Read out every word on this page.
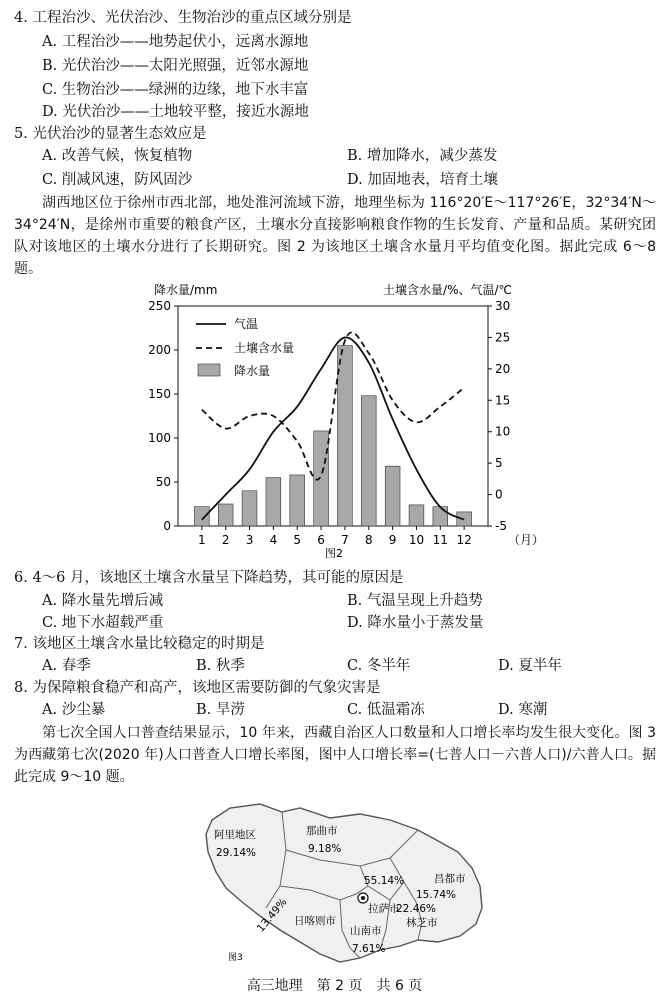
4. 工程治沙、光伏治沙、生物治沙的重点区域分别是
A. 工程治沙——地势起伏小，远离水源地
B. 光伏治沙——太阳光照强，近邻水源地
C. 生物治沙——绿洲的边缘，地下水丰富
D. 光伏治沙——土地较平整，接近水源地
5. 光伏治沙的显著生态效应是
A. 改善气候，恢复植物	B. 增加降水，减少蒸发
C. 削减风速，防风固沙	D. 加固地表，培育土壤
湖西地区位于徐州市西北部，地处淮河流域下游，地理坐标为 116°20′E～117°26′E，32°34′N～34°24′N，是徐州市重要的粮食产区，土壤水分直接影响粮食作物的生长发育、产量和品质。某研究团队对该地区的土壤水分进行了长期研究。图 2 为该地区土壤含水量月平均值变化图。据此完成 6～8 题。
降水量/mm	土壤含水量/%、气温/℃
1 2 3 4 5 6 7 8 9 10 11 12
0
50
100
150
200
250
-5
0
5
10
15
20
25
30
气温
土壤含水量
降水量
（月）
图2
6. 4～6 月，该地区土壤含水量呈下降趋势，其可能的原因是
A. 降水量先增后减	B. 气温呈现上升趋势
C. 地下水超载严重	D. 降水量小于蒸发量
7. 该地区土壤含水量比较稳定的时期是
A. 春季	B. 秋季	C. 冬半年	D. 夏半年
8. 为保障粮食稳产和高产，该地区需要防御的气象灾害是
A. 沙尘暴	B. 旱涝	C. 低温霜冻	D. 寒潮
第七次全国人口普查结果显示，10 年来，西藏自治区人口数量和人口增长率均发生很大变化。图 3 为西藏第七次(2020 年)人口普查人口增长率图，图中人口增长率=(七普人口－六普人口)/六普人口。据此完成 9～10 题。
阿里地区
29.14%
那曲市
9.18%
昌都市
15.74%
拉萨市
55.14%
林芝市
22.46%
日喀则市
13.49%	山南市
7.61%
图3
高三地理　第 2 页　共 6 页
